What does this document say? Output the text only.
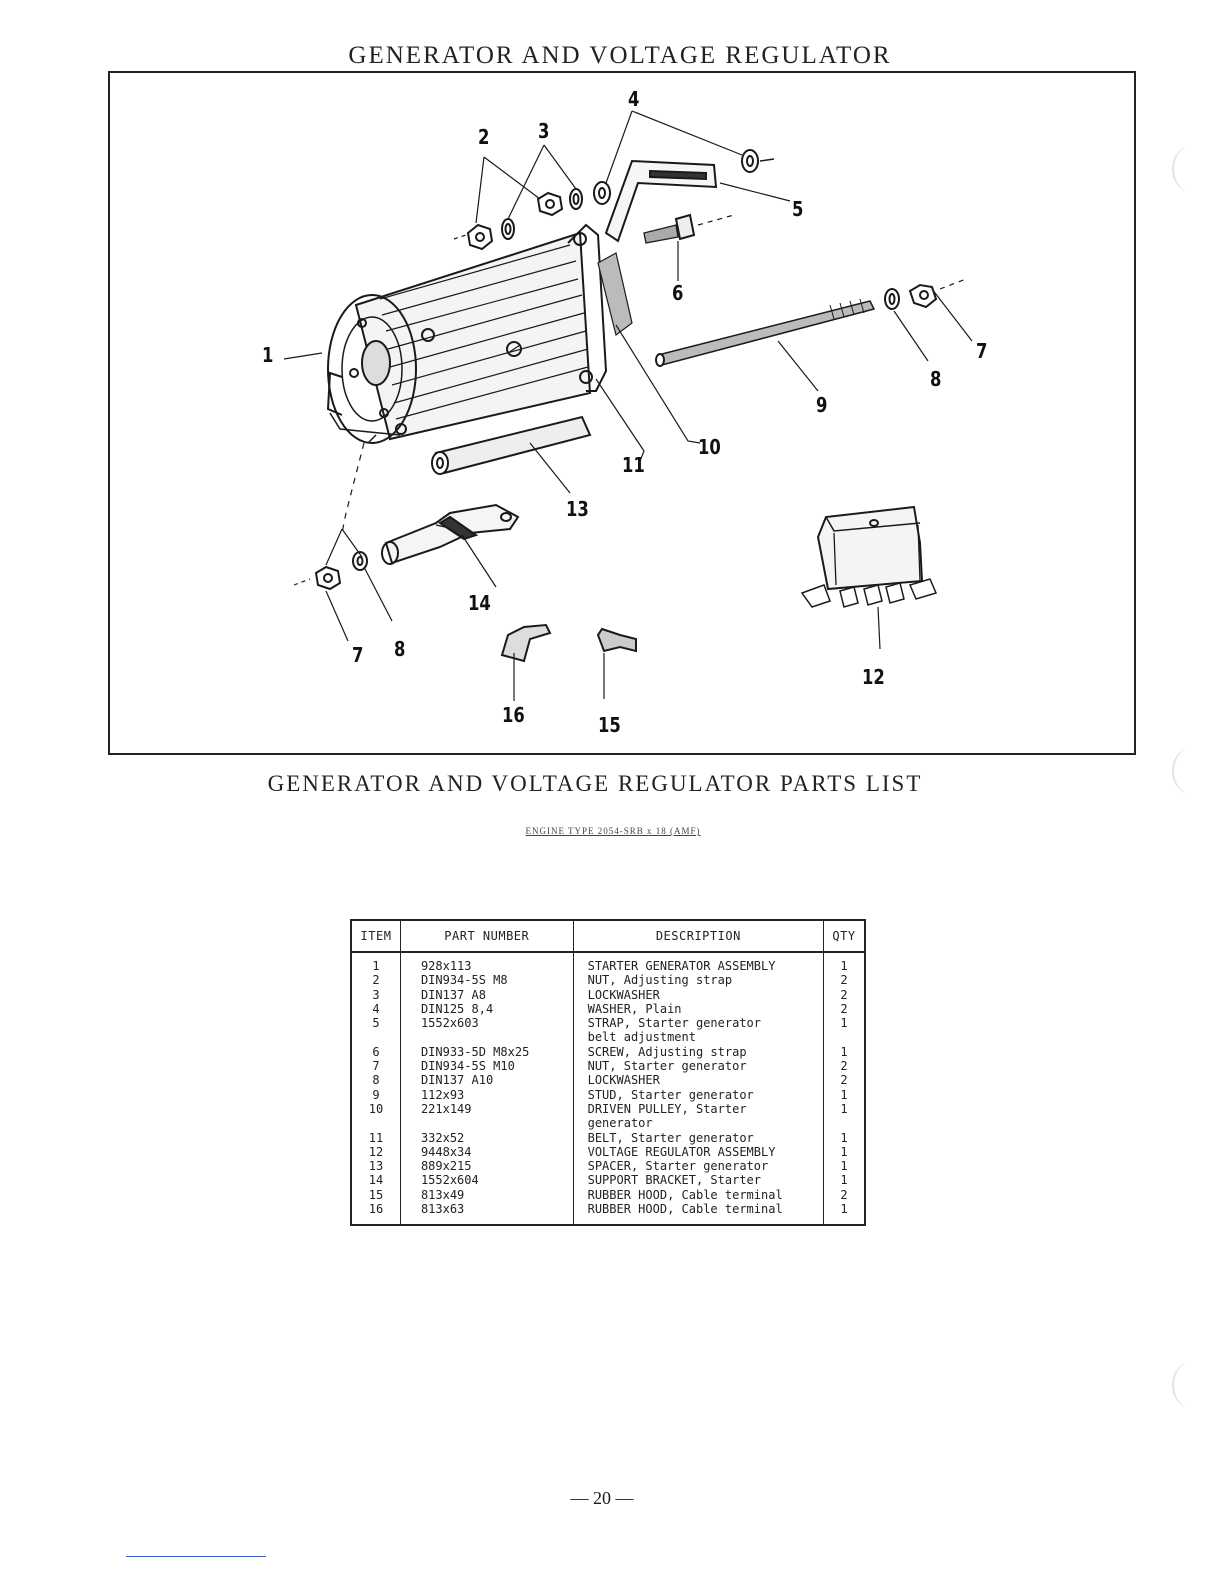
GENERATOR AND VOLTAGE REGULATOR
1
2 3
4
5
6
7
8
9
10
11
12
13
14
7 8
16	15
GENERATOR AND VOLTAGE REGULATOR PARTS LIST
ENGINE TYPE 2054-SRB x 18 (AMF)
ITEM	PART NUMBER	DESCRIPTION	QTY
1	928x113	STARTER GENERATOR ASSEMBLY	1
2	DIN934-5S M8	NUT, Adjusting strap	2
3	DIN137 A8	LOCKWASHER	2
4	DIN125 8,4	WASHER, Plain	2
5	1552x603	STRAP, Starter generator	1
		belt adjustment	
6	DIN933-5D M8x25	SCREW, Adjusting strap	1
7	DIN934-5S M10	NUT, Starter generator	2
8	DIN137 A10	LOCKWASHER	2
9	112x93	STUD, Starter generator	1
10	221x149	DRIVEN PULLEY, Starter	1
		generator	
11	332x52	BELT, Starter generator	1
12	9448x34	VOLTAGE REGULATOR ASSEMBLY	1
13	889x215	SPACER, Starter generator	1
14	1552x604	SUPPORT BRACKET, Starter	1
15	813x49	RUBBER HOOD, Cable terminal	2
16	813x63	RUBBER HOOD, Cable terminal	1
— 20 —
